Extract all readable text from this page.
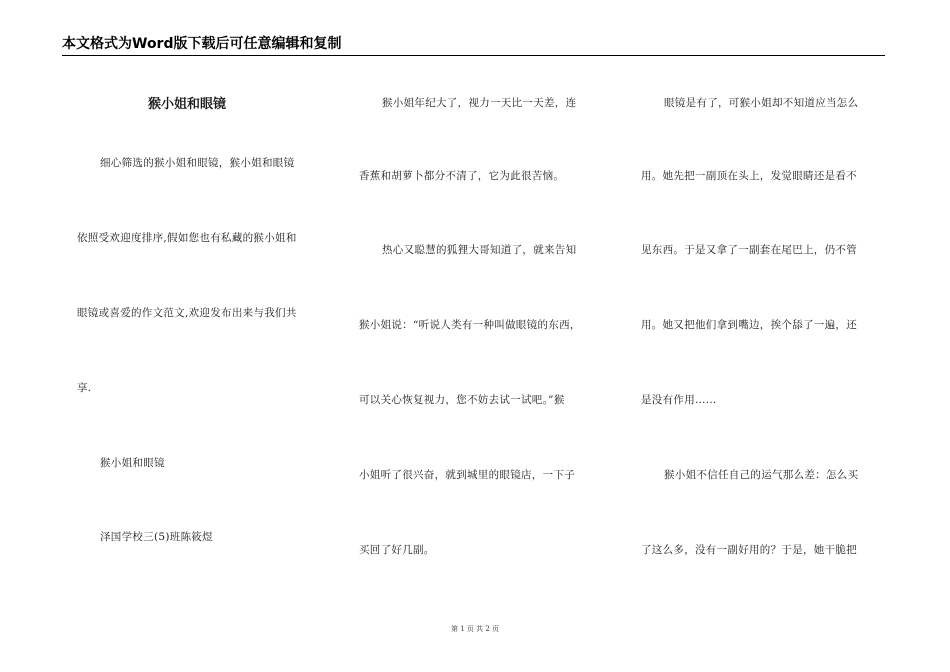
本文格式为Word版下载后可任意编辑和复制
猴小姐和眼镜
细心筛选的猴小姐和眼镜，猴小姐和眼镜
依照受欢迎度排序,假如您也有私藏的猴小姐和
眼镜或喜爱的作文范文,欢迎发布出来与我们共
享.
猴小姐和眼镜
泽国学校三(5)班陈筱煜
猴小姐年纪大了，视力一天比一天差，连
香蕉和胡萝卜都分不清了，它为此很苦恼。
热心又聪慧的狐狸大哥知道了，就来告知
猴小姐说：“听说人类有一种叫做眼镜的东西，
可以关心恢复视力，您不妨去试一试吧。”猴
小姐听了很兴奋，就到城里的眼镜店，一下子
买回了好几副。
眼镜是有了，可猴小姐却不知道应当怎么
用。她先把一副顶在头上，发觉眼睛还是看不
见东西。于是又拿了一副套在尾巴上，仍不管
用。她又把他们拿到嘴边，挨个舔了一遍，还
是没有作用……
猴小姐不信任自己的运气那么差：怎么买
了这么多，没有一副好用的？于是，她干脆把
第 1 页 共 2 页
